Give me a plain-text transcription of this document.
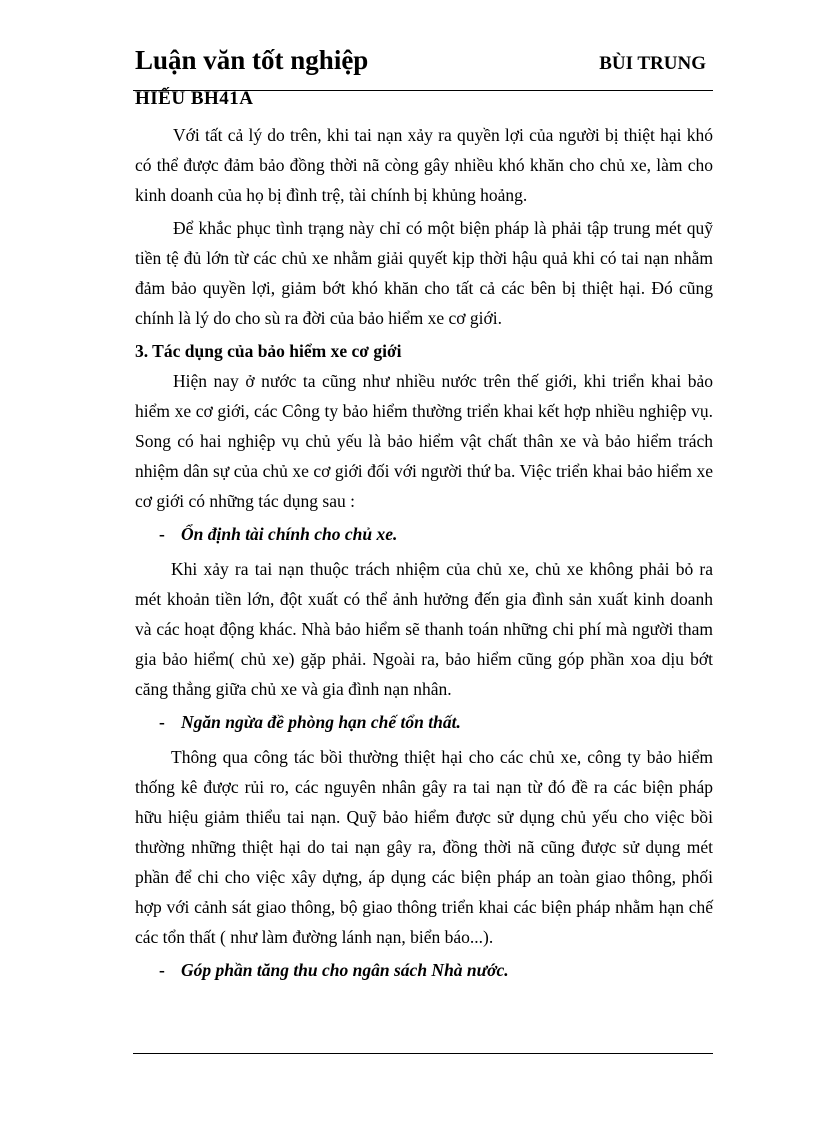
Luận văn tốt nghiệp	BÙI TRUNG
HIẾU BH41A

Với tất cả lý do trên, khi tai nạn xảy ra quyền lợi của người bị thiệt hại khó có thể được đảm bảo đồng thời nã còng gây nhiều khó khăn cho chủ xe, làm cho kinh doanh của họ bị đình trệ, tài chính bị khủng hoảng.

Để khắc phục tình trạng này chỉ có một biện pháp là phải tập trung mét quỹ tiền tệ đủ lớn từ các chủ xe nhằm giải quyết kịp thời hậu quả khi có tai nạn nhằm đảm bảo quyền lợi, giảm bớt khó khăn cho tất cả các bên bị thiệt hại. Đó cũng chính là lý do cho sù ra đời của bảo hiểm xe cơ giới.

3. Tác dụng của bảo hiểm xe cơ giới

Hiện nay ở nước ta cũng như nhiều nước trên thế giới, khi triển khai bảo hiểm xe cơ giới, các Công ty bảo hiểm thường triển khai kết hợp nhiều nghiệp vụ. Song có hai nghiệp vụ chủ yếu là bảo hiểm vật chất thân xe và bảo hiểm trách nhiệm dân sự của chủ xe cơ giới đối với người thứ ba. Việc triển khai bảo hiểm xe cơ giới có những tác dụng sau :

- Ổn định tài chính cho chủ xe.

Khi xảy ra tai nạn thuộc trách nhiệm của chủ xe, chủ xe không phải bỏ ra mét khoản tiền lớn, đột xuất có thể ảnh hưởng đến gia đình sản xuất kinh doanh và các hoạt động khác. Nhà bảo hiểm sẽ thanh toán những chi phí mà người tham gia bảo hiểm( chủ xe) gặp phải. Ngoài ra, bảo hiểm cũng góp phần xoa dịu bớt căng thẳng giữa chủ xe và gia đình nạn nhân.

- Ngăn ngừa đề phòng hạn chế tổn thất.

Thông qua công tác bồi thường thiệt hại cho các chủ xe, công ty bảo hiểm thống kê được rủi ro, các nguyên nhân gây ra tai nạn từ đó đề ra các biện pháp hữu hiệu giảm thiểu tai nạn. Quỹ bảo hiểm được sử dụng chủ yếu cho việc bồi thường những thiệt hại do tai nạn gây ra, đồng thời nã cũng được sử dụng mét phần để chi cho việc xây dựng, áp dụng các biện pháp an toàn giao thông, phối hợp với cảnh sát giao thông, bộ giao thông triển khai các biện pháp nhằm hạn chế các tổn thất ( như làm đường lánh nạn, biển báo...).

- Góp phần tăng thu cho ngân sách Nhà nước.
